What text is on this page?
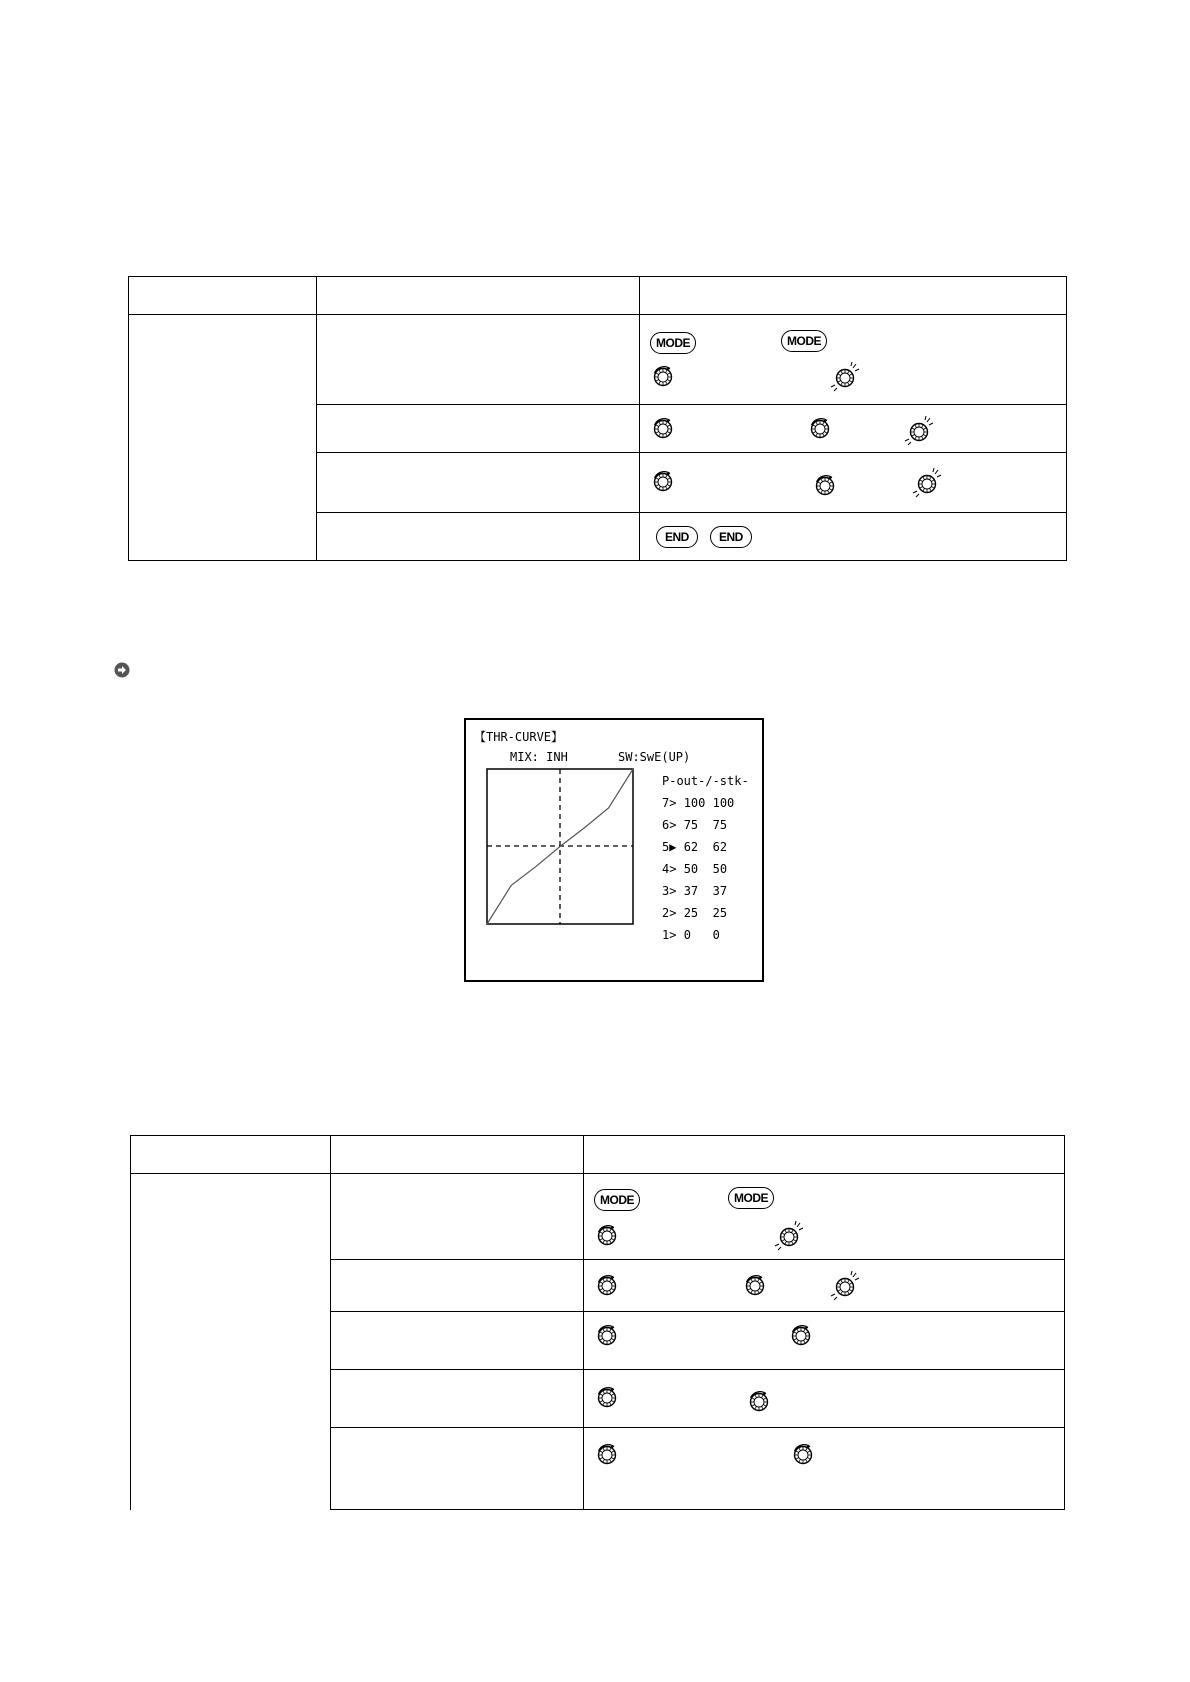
		MODE MODE

		END END
【THR-CURVE】
MIX: INH	SW:SwE(UP)
P-out-/-stk-
7> 100 100
6> 75  75
5▶ 62  62
4> 50  50
3> 37  37
2> 25  25
1> 0   0

		MODE MODE
